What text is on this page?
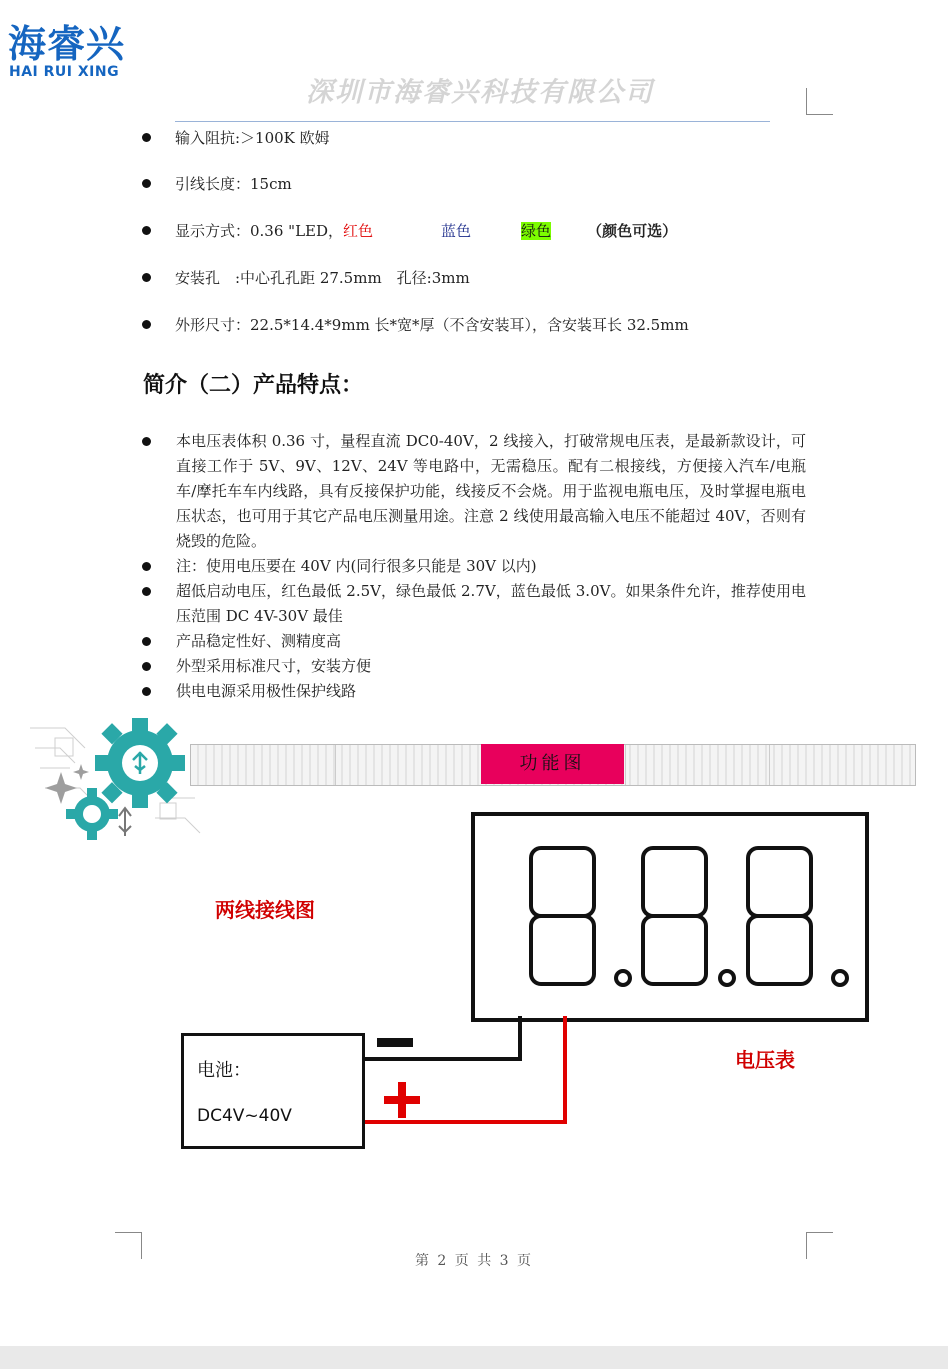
海睿兴
HAI RUI XING
深圳市海睿兴科技有限公司
输入阻抗:＞100K 欧姆
引线长度：15cm
显示方式：0.36 "LED，红色	蓝色	绿色 （颜色可选）
安装孔　:中心孔孔距 27.5mm　孔径:3mm
外形尺寸：22.5*14.4*9mm 长*宽*厚（不含安装耳），含安装耳长 32.5mm
简介（二）产品特点：
本电压表体积 0.36 寸，量程直流 DC0-40V，2 线接入，打破常规电压表，是最新款设计，可直接工作于 5V、9V、12V、24V 等电路中，无需稳压。配有二根接线，方便接入汽车/电瓶车/摩托车车内线路，具有反接保护功能，线接反不会烧。用于监视电瓶电压，及时掌握电瓶电压状态，也可用于其它产品电压测量用途。注意 2 线使用最高输入电压不能超过 40V，否则有烧毁的危险。
注：使用电压要在 40V 内(同行很多只能是 30V 以内)
超低启动电压，红色最低 2.5V，绿色最低 2.7V，蓝色最低 3.0V。如果条件允许，推荐使用电压范围 DC 4V-30V 最佳
产品稳定性好、测精度高
外型采用标准尺寸，安装方便
供电电源采用极性保护线路
功能图
两线接线图
电压表
电池：
DC4V~40V
第 2 页 共 3 页
